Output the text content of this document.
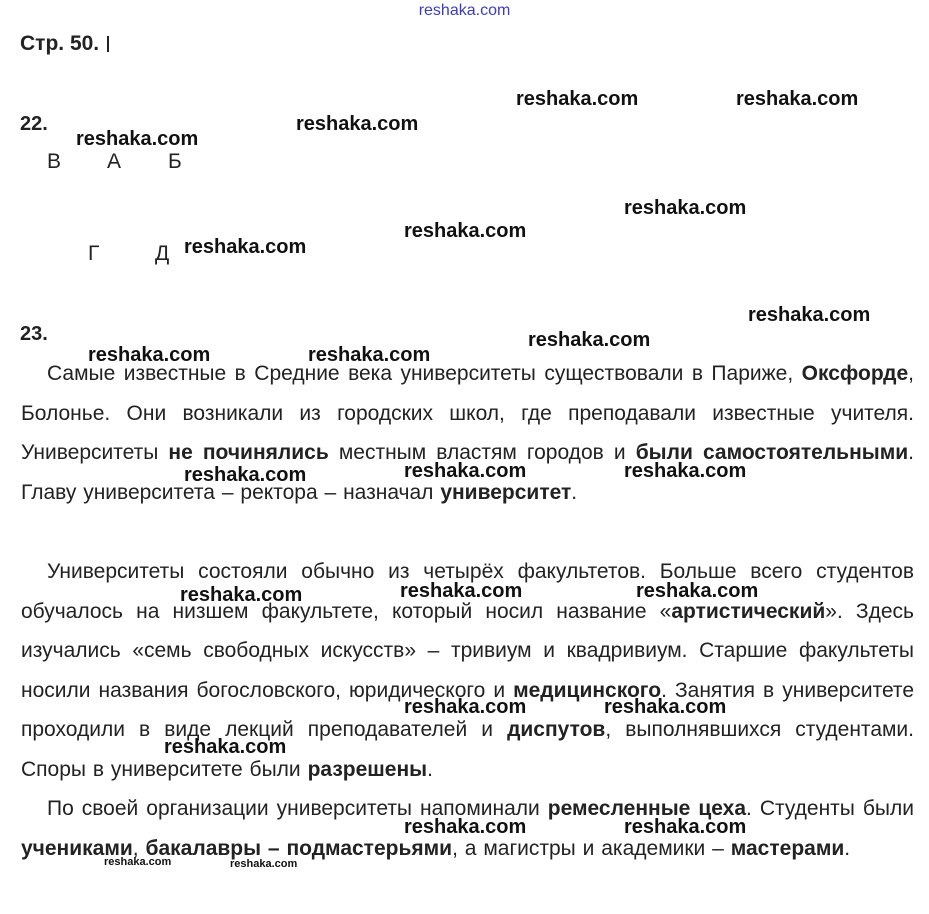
reshaka.com
Стр. 50.
22.
В А Б
Г	Д
23.
Самые известные в Средние века университеты существовали в Париже, Оксфорде, Болонье. Они возникали из городских школ, где преподавали известные учителя. Университеты не починялись местным властям городов и были самостоятельными. Главу университета – ректора – назначал университет.
Университеты состояли обычно из четырёх факультетов. Больше всего студентов обучалось на низшем факультете, который носил название «артистический». Здесь изучались «семь свободных искусств» – тривиум и квадривиум. Старшие факультеты носили названия богословского, юридического и медицинского. Занятия в университете проходили в виде лекций преподавателей и диспутов, выполнявшихся студентами. Споры в университете были разрешены.
По своей организации университеты напоминали ремесленные цеха. Студенты были учениками, бакалавры – подмастерьями, а магистры и академики – мастерами.
reshaka.com	reshaka.com
reshaka.com
reshaka.com
reshaka.com
reshaka.com
reshaka.com
reshaka.com
reshaka.com
reshaka.com	reshaka.com
reshaka.com	reshaka.com
reshaka.com
reshaka.com
reshaka.com	reshaka.com
reshaka.com	reshaka.com
reshaka.com
reshaka.com	reshaka.com
reshaka.com	reshaka.com
